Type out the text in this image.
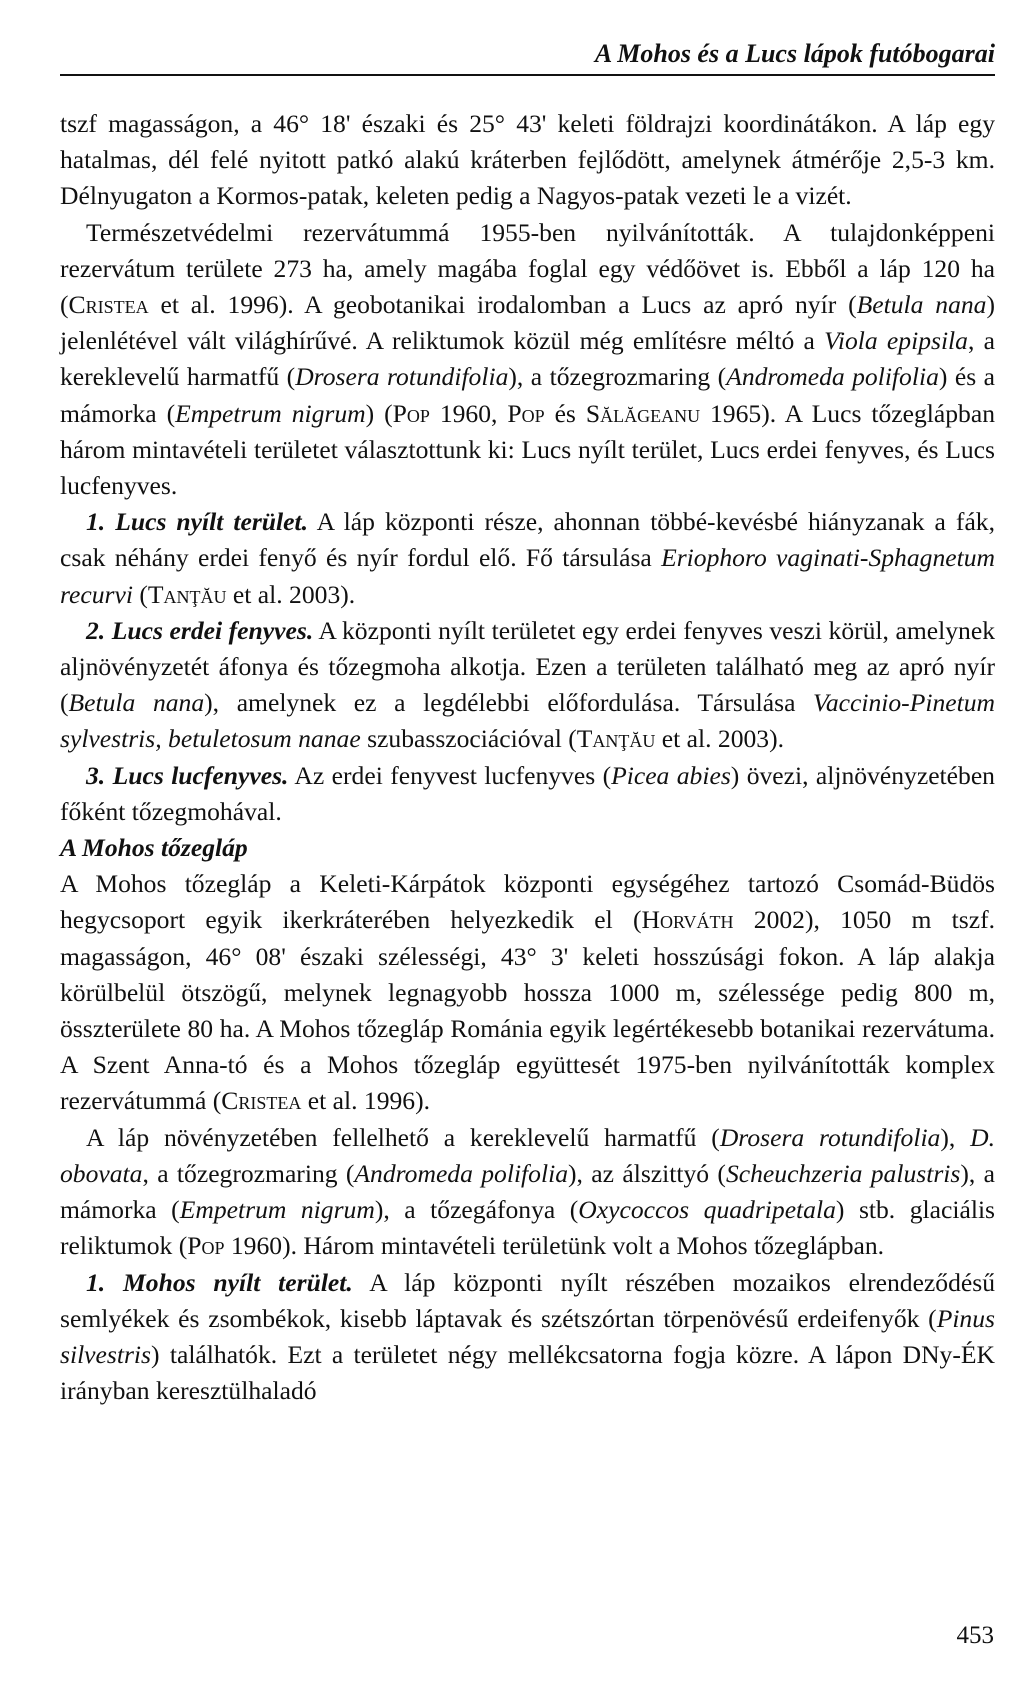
A Mohos és a Lucs lápok futóbogarai

tszf magasságon, a 46° 18' északi és 25° 43' keleti földrajzi koordinátákon. A láp egy hatalmas, dél felé nyitott patkó alakú kráterben fejlődött, amelynek átmérője 2,5-3 km. Délnyugaton a Kormos-patak, keleten pedig a Nagyos-patak vezeti le a vizét.

Természetvédelmi rezervátummá 1955-ben nyilvánították. A tulajdonképpeni rezervátum területe 273 ha, amely magába foglal egy védőövet is. Ebből a láp 120 ha (Cristea et al. 1996). A geobotanikai irodalomban a Lucs az apró nyír (Betula nana) jelenlétével vált világhírűvé. A reliktumok közül még említésre méltó a Viola epipsila, a kereklevelű harmatfű (Drosera rotundifolia), a tőzegrozmaring (Andromeda polifolia) és a mámorka (Empetrum nigrum) (Pop 1960, Pop és Sălăgeanu 1965). A Lucs tőzeglápban három mintavételi területet választottunk ki: Lucs nyílt terület, Lucs erdei fenyves, és Lucs lucfenyves.

1. Lucs nyílt terület. A láp központi része, ahonnan többé-kevésbé hiányzanak a fák, csak néhány erdei fenyő és nyír fordul elő. Fő társulása Eriophoro vaginati-Sphagnetum recurvi (Tanţău et al. 2003).

2. Lucs erdei fenyves. A központi nyílt területet egy erdei fenyves veszi körül, amelynek aljnövényzetét áfonya és tőzegmoha alkotja. Ezen a területen található meg az apró nyír (Betula nana), amelynek ez a legdélebbi előfordulása. Társulása Vaccinio-Pinetum sylvestris, betuletosum nanae szubasszociációval (Tanţău et al. 2003).

3. Lucs lucfenyves. Az erdei fenyvest lucfenyves (Picea abies) övezi, aljnövényzetében főként tőzegmohával.

A Mohos tőzegláp

A Mohos tőzegláp a Keleti-Kárpátok központi egységéhez tartozó Csomád-Büdös hegycsoport egyik ikerkráterében helyezkedik el (Horváth 2002), 1050 m tszf. magasságon, 46° 08' északi szélességi, 43° 3' keleti hosszúsági fokon. A láp alakja körülbelül ötszögű, melynek legnagyobb hossza 1000 m, szélessége pedig 800 m, összterülete 80 ha. A Mohos tőzegláp Románia egyik legértékesebb botanikai rezervátuma. A Szent Anna-tó és a Mohos tőzegláp együttesét 1975-ben nyilvánították komplex rezervátummá (Cristea et al. 1996).

A láp növényzetében fellelhető a kereklevelű harmatfű (Drosera rotundifolia), D. obovata, a tőzegrozmaring (Andromeda polifolia), az álszittyó (Scheuchzeria palustris), a mámorka (Empetrum nigrum), a tőzegáfonya (Oxycoccos quadripetala) stb. glaciális reliktumok (Pop 1960). Három mintavételi területünk volt a Mohos tőzeglápban.

1. Mohos nyílt terület. A láp központi nyílt részében mozaikos elrendeződésű semlyékek és zsombékok, kisebb láptavak és szétszórtan törpenövésű erdeifenyők (Pinus silvestris) találhatók. Ezt a területet négy mellékcsatorna fogja közre. A lápon DNy-ÉK irányban keresztülhaladó

453
